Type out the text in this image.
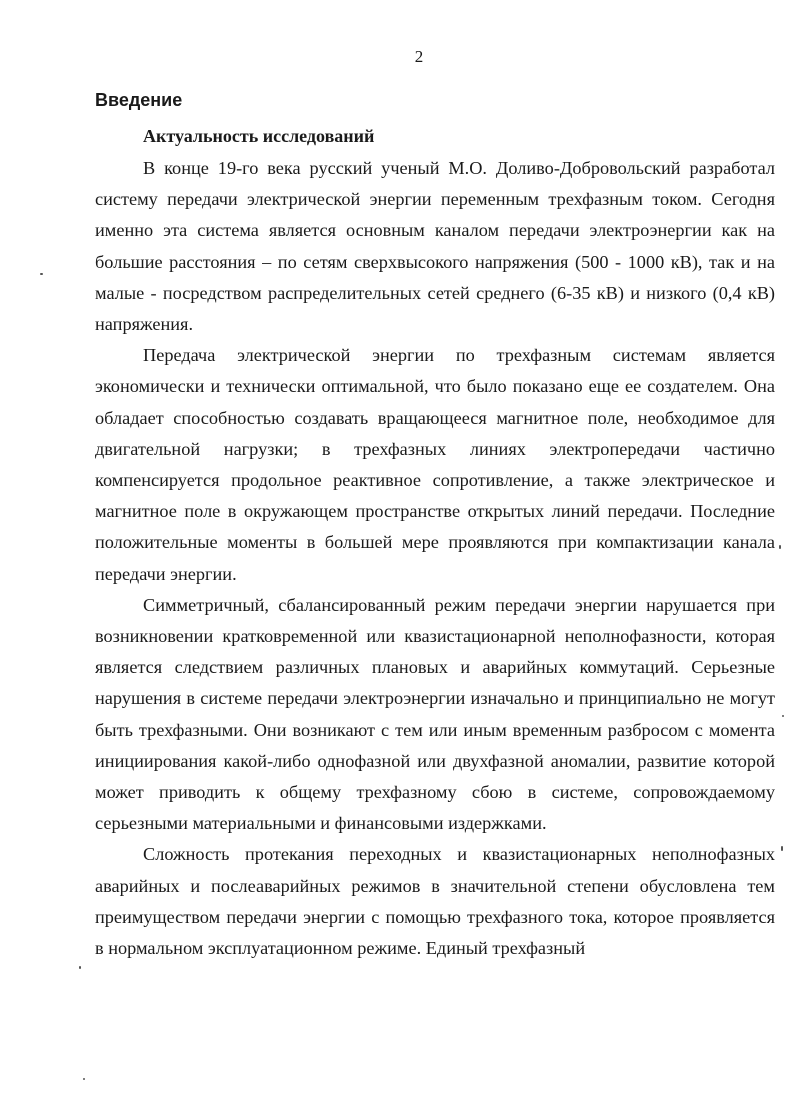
2
Введение
Актуальность исследований

В конце 19-го века русский ученый М.О. Доливо-Добровольский разработал систему передачи электрической энергии переменным трехфазным током. Сегодня именно эта система является основным каналом передачи электроэнергии как на большие расстояния – по сетям сверхвысокого напряжения (500 - 1000 кВ), так и на малые - посредством распределительных сетей среднего (6-35 кВ) и низкого (0,4 кВ) напряжения.

Передача электрической энергии по трехфазным системам является экономически и технически оптимальной, что было показано еще ее создателем. Она обладает способностью создавать вращающееся магнитное поле, необходимое для двигательной нагрузки; в трехфазных линиях электропередачи частично компенсируется продольное реактивное сопротивление, а также электрическое и магнитное поле в окружающем пространстве открытых линий передачи. Последние положительные моменты в большей мере проявляются при компактизации канала передачи энергии.

Симметричный, сбалансированный режим передачи энергии нарушается при возникновении кратковременной или квазистационарной неполнофазности, которая является следствием различных плановых и аварийных коммутаций. Серьезные нарушения в системе передачи электроэнергии изначально и принципиально не могут быть трехфазными. Они возникают с тем или иным временным разбросом с момента инициирования какой-либо однофазной или двухфазной аномалии, развитие которой может приводить к общему трехфазному сбою в системе, сопровождаемому серьезными материальными и финансовыми издержками.

Сложность протекания переходных и квазистационарных неполнофазных аварийных и послеаварийных режимов в значительной степени обусловлена тем преимуществом передачи энергии с помощью трехфазного тока, которое проявляется в нормальном эксплуатационном режиме. Единый трехфазный
